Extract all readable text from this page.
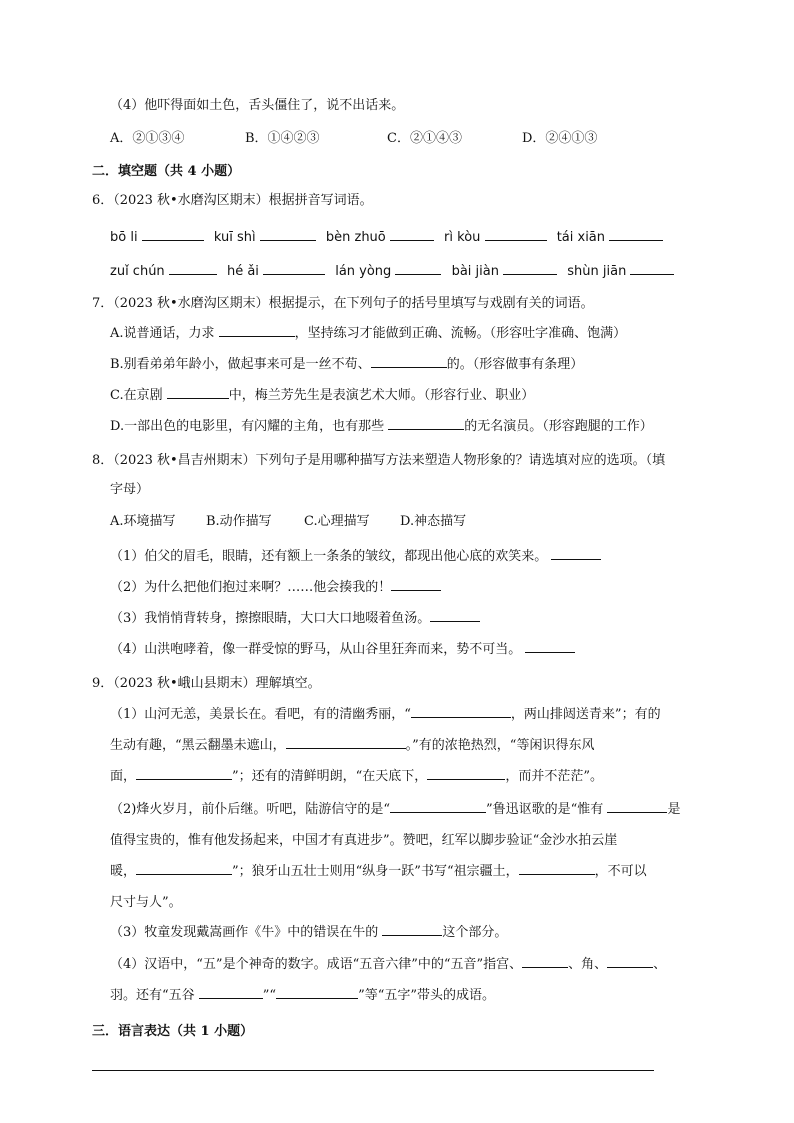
（4）他吓得面如土色，舌头僵住了，说不出话来。
A．②①③④	B．①④②③	C．②①④③	D．②④①③
二．填空题（共 4 小题）
6．（2023 秋•水磨沟区期末）根据拼音写词语。
bō li	kuī shì	bèn zhuō	rì kòu	tái xiān
zuǐ chún	hé ǎi	lán yòng	bài jiàn	shùn jiān
7．（2023 秋•水磨沟区期末）根据提示，在下列句子的括号里填写与戏剧有关的词语。
A.说普通话，力求	，坚持练习才能做到正确、流畅。（形容吐字准确、饱满）
B.别看弟弟年龄小，做起事来可是一丝不苟、	的。（形容做事有条理）
C.在京剧	中，梅兰芳先生是表演艺术大师。（形容行业、职业）
D.一部出色的电影里，有闪耀的主角，也有那些	的无名演员。（形容跑腿的工作）
8．（2023 秋•昌吉州期末）下列句子是用哪种描写方法来塑造人物形象的？请选填对应的选项。（填
字母）
A.环境描写 B.动作描写 C.心理描写 D.神态描写
（1）伯父的眉毛，眼睛，还有额上一条条的皱纹，都现出他心底的欢笑来。
（2）为什么把他们抱过来啊？……他会揍我的！
（3）我悄悄背转身，擦擦眼睛，大口大口地啜着鱼汤。
（4）山洪咆哮着，像一群受惊的野马，从山谷里狂奔而来，势不可当。
9．（2023 秋•峨山县期末）理解填空。
（1）山河无恙，美景长在。看吧，有的清幽秀丽，“	，两山排闼送青来”；有的
生动有趣，“黑云翻墨未遮山，	。”有的浓艳热烈，“等闲识得东风
面，	”；还有的清鲜明朗，“在天底下，	，而并不茫茫”。
（2)烽火岁月，前仆后继。听吧，陆游信守的是“	”鲁迅讴歌的是“惟有	是
值得宝贵的，惟有他发扬起来，中国才有真进步”。赞吧，红军以脚步验证“金沙水拍云崖
暖，	”；狼牙山五壮士则用“纵身一跃”书写“祖宗疆土，	，不可以
尺寸与人”。
（3）牧童发现戴嵩画作《牛》中的错误在牛的	这个部分。
（4）汉语中，“五”是个神奇的数字。成语“五音六律”中的“五音”指宫、	、角、	、
羽。还有“五谷	”“	”等“五字”带头的成语。
三．语言表达（共 1 小题）
